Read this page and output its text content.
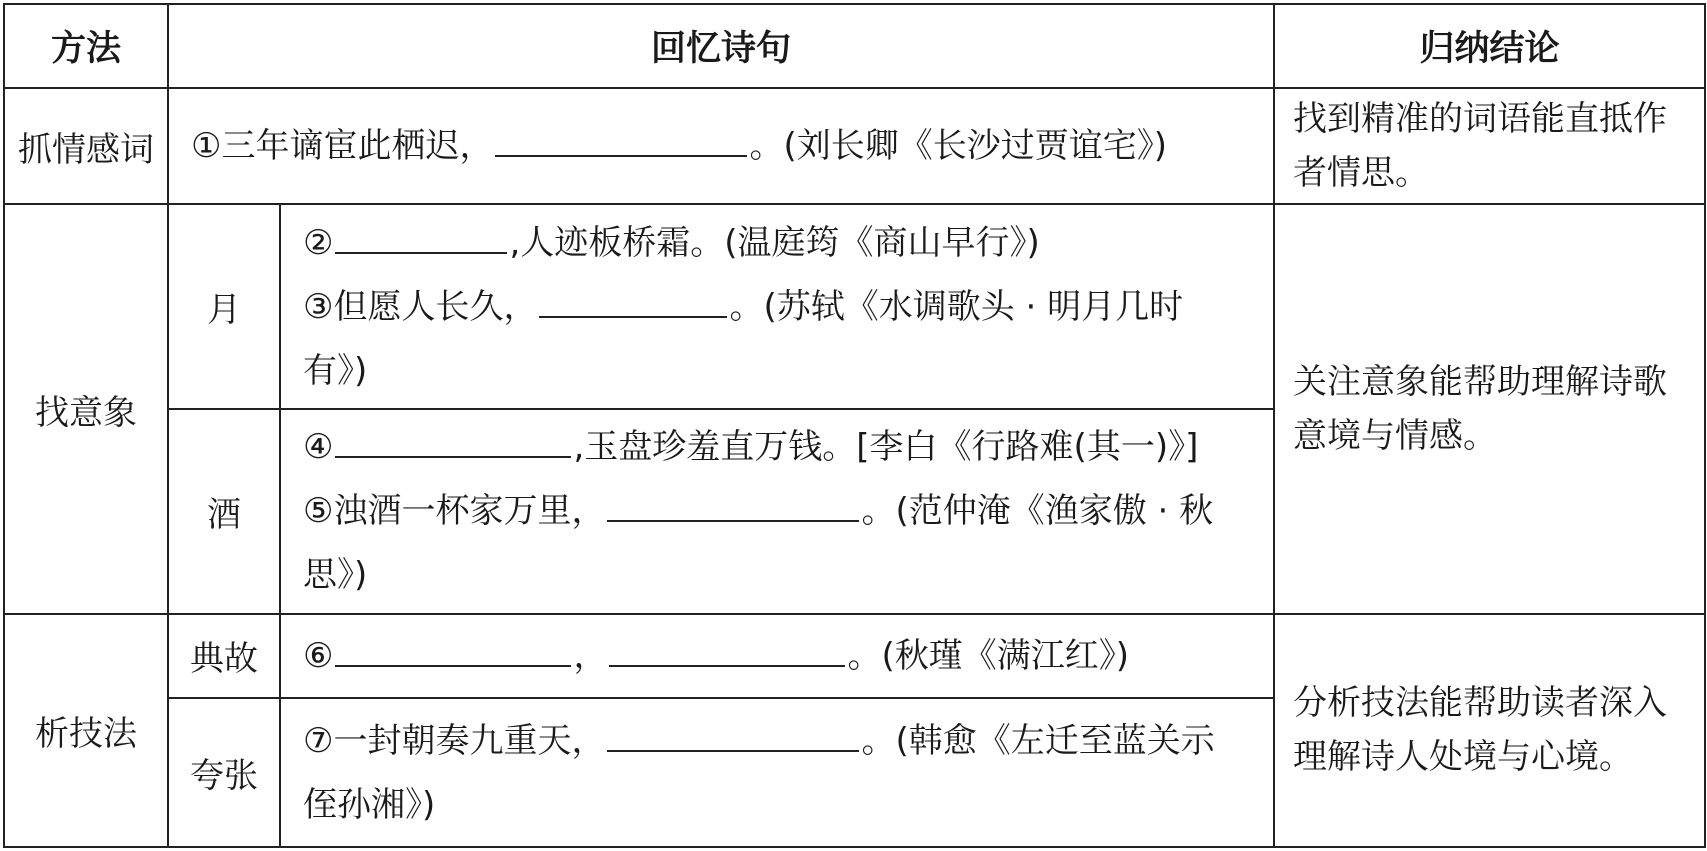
方法	回忆诗句		归纳结论
抓情感词	①三年谪宦此栖迟， 。(刘长卿《长沙过贾谊宅》)		找到精准的词语能直抵作者情思。
找意象	月	② ,人迹板桥霜。(温庭筠《商山早行》)
③但愿人长久， 。(苏轼《水调歌头 · 明月几时
有》)	关注意象能帮助理解诗歌意境与情感。
	酒	④ ,玉盘珍羞直万钱。[李白《行路难(其一)》]
⑤浊酒一杯家万里， 。(范仲淹《渔家傲 · 秋
思》)	

析技法	典故	⑥ ， 。(秋瑾《满江红》)	分析技法能帮助读者深入理解诗人处境与心境。
	夸张	⑦一封朝奏九重天， 。(韩愈《左迁至蓝关示
侄孙湘》)	
